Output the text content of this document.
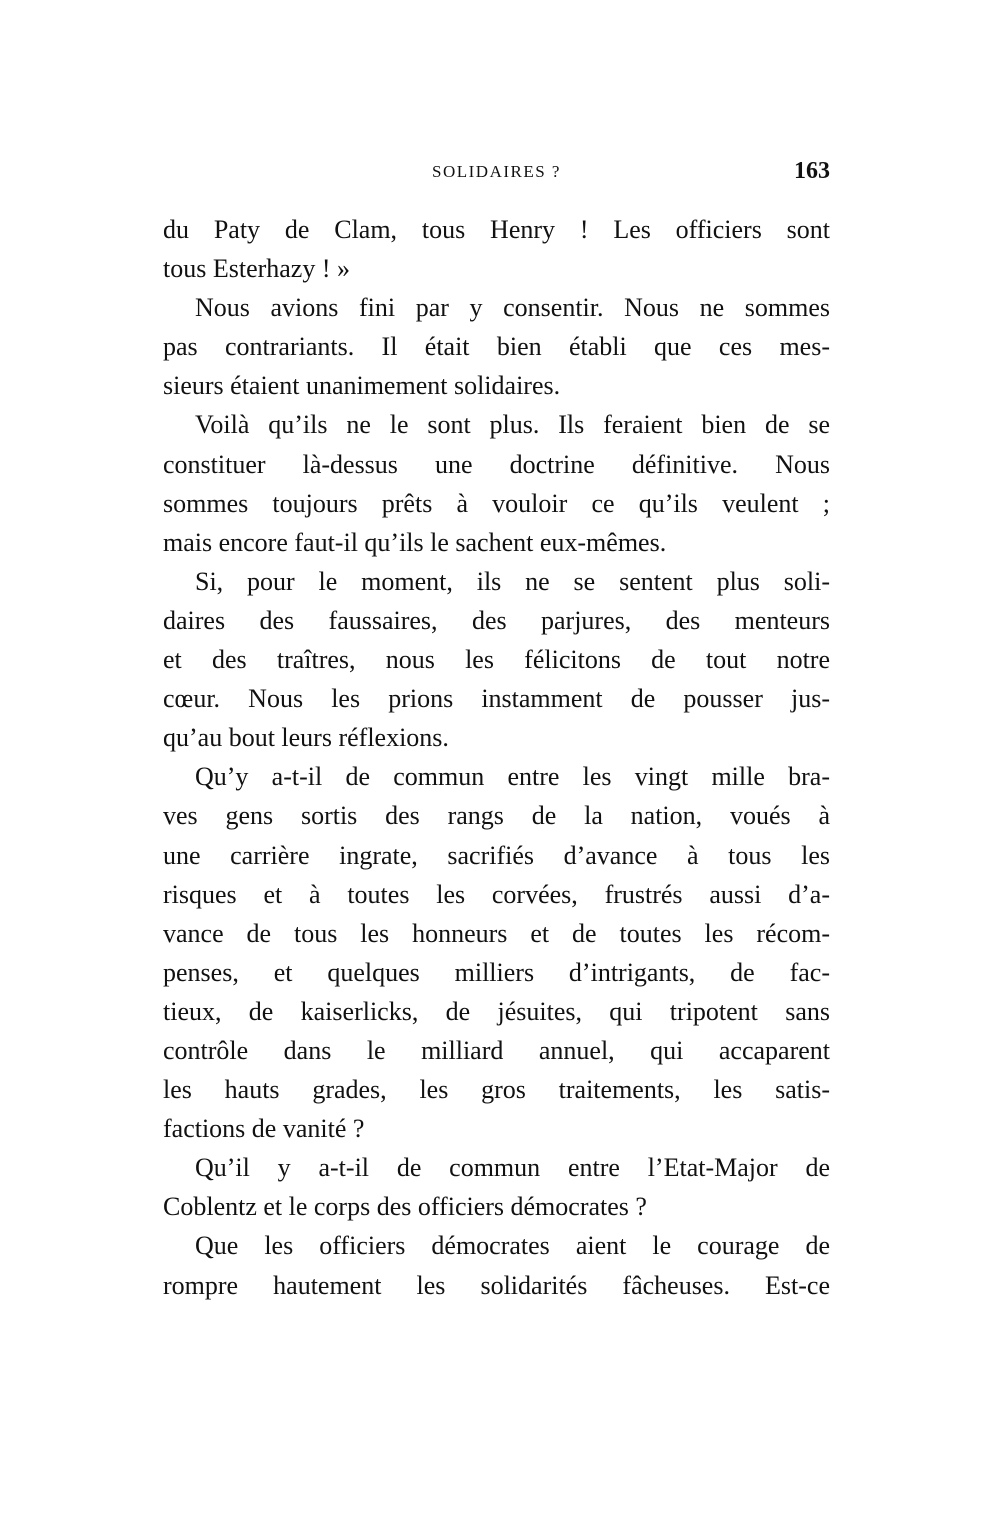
SOLIDAIRES ?	163
du Paty de Clam, tous Henry ! Les officiers sont
tous Esterhazy ! »
Nous avions fini par y consentir. Nous ne sommes
pas contrariants. Il était bien établi que ces mes-
sieurs étaient unanimement solidaires.
Voilà qu’ils ne le sont plus. Ils feraient bien de se
constituer là-dessus une doctrine définitive. Nous
sommes toujours prêts à vouloir ce qu’ils veulent ;
mais encore faut-il qu’ils le sachent eux-mêmes.
Si, pour le moment, ils ne se sentent plus soli-
daires des faussaires, des parjures, des menteurs
et des traîtres, nous les félicitons de tout notre
cœur. Nous les prions instamment de pousser jus-
qu’au bout leurs réflexions.
Qu’y a-t-il de commun entre les vingt mille bra-
ves gens sortis des rangs de la nation, voués à
une carrière ingrate, sacrifiés d’avance à tous les
risques et à toutes les corvées, frustrés aussi d’a-
vance de tous les honneurs et de toutes les récom-
penses, et quelques milliers d’intrigants, de fac-
tieux, de kaiserlicks, de jésuites, qui tripotent sans
contrôle dans le milliard annuel, qui accaparent
les hauts grades, les gros traitements, les satis-
factions de vanité ?
Qu’il y a-t-il de commun entre l’Etat-Major de
Coblentz et le corps des officiers démocrates ?
Que les officiers démocrates aient le courage de
rompre hautement les solidarités fâcheuses. Est-ce
